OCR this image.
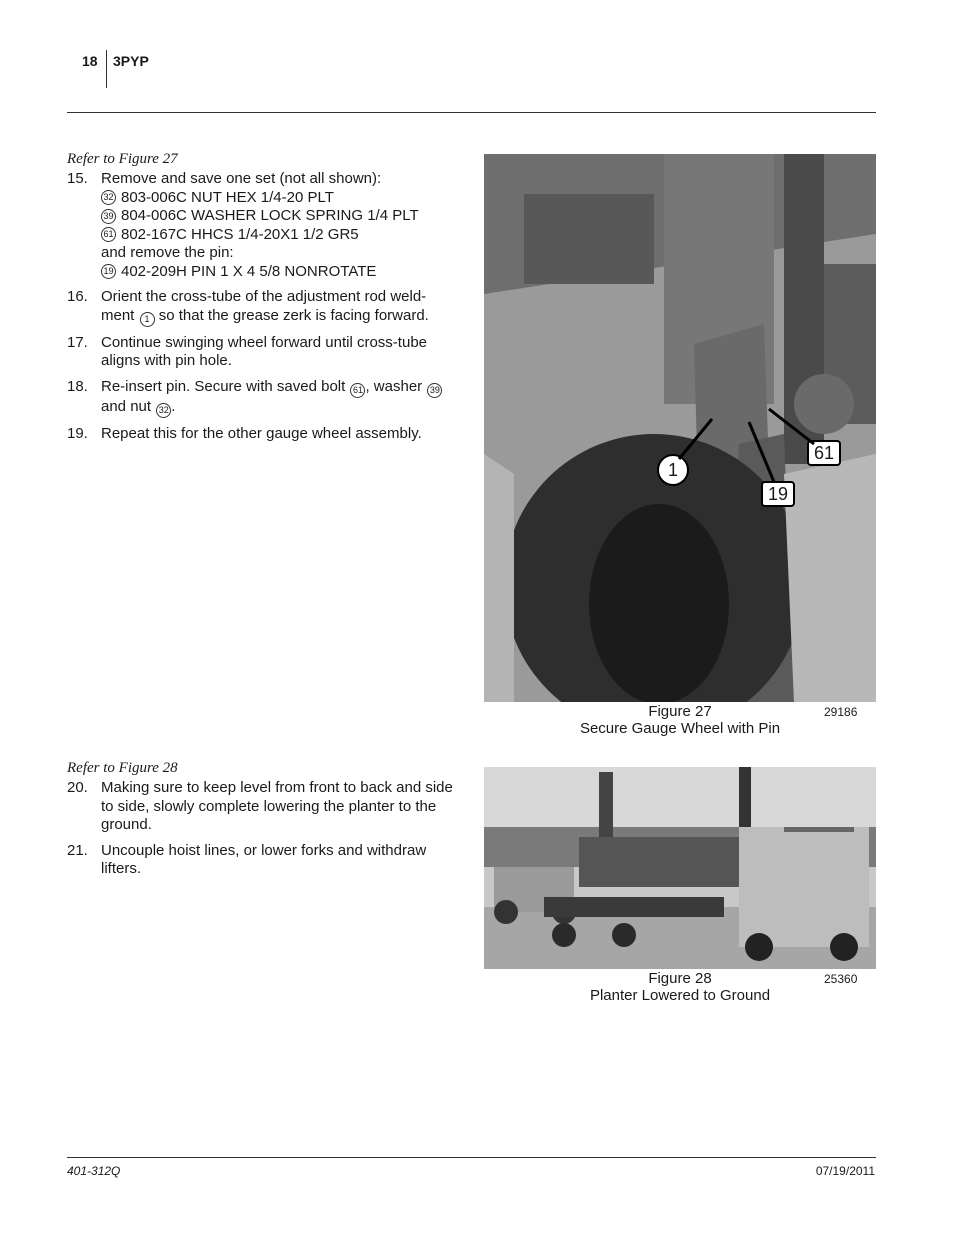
18 3PYP
Refer to Figure 27
15. Remove and save one set (not all shown):
32 803-006C NUT HEX 1/4-20 PLT
39 804-006C WASHER LOCK SPRING 1/4 PLT
61 802-167C HHCS 1/4-20X1 1/2 GR5
and remove the pin:
19 402-209H PIN 1 X 4 5/8 NONROTATE
16. Orient the cross-tube of the adjustment rod weld-ment 1 so that the grease zerk is facing forward.
17. Continue swinging wheel forward until cross-tube aligns with pin hole.
18. Re-insert pin. Secure with saved bolt 61 , washer 39 and nut 32 .
19. Repeat this for the other gauge wheel assembly.
1
61
19
Figure 27
Secure Gauge Wheel with Pin
29186
Refer to Figure 28
20. Making sure to keep level from front to back and side to side, slowly complete lowering the planter to the ground.
21. Uncouple hoist lines, or lower forks and withdraw lifters.
Figure 28
Planter Lowered to Ground
25360
401-312Q	07/19/2011
